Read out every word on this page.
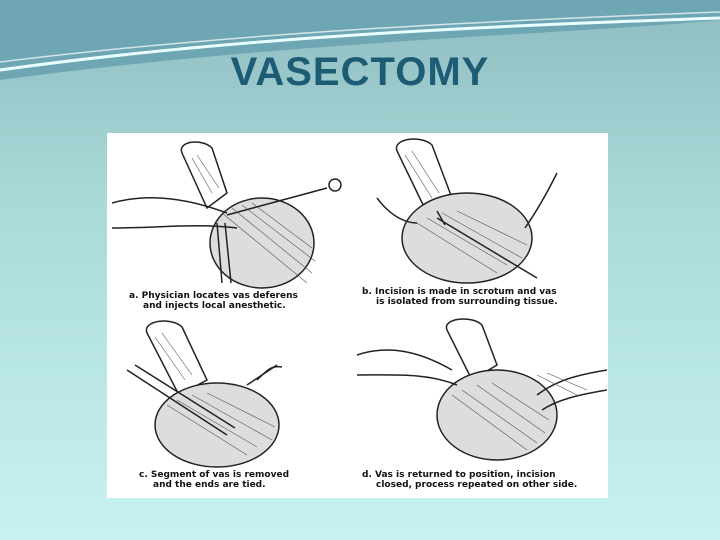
VASECTOMY
a. Physician locates vas deferens
and injects local anesthetic.
b. Incision is made in scrotum and vas
is isolated from surrounding tissue.
c. Segment of vas is removed
and the ends are tied.
d. Vas is returned to position, incision
closed, process repeated on other side.
